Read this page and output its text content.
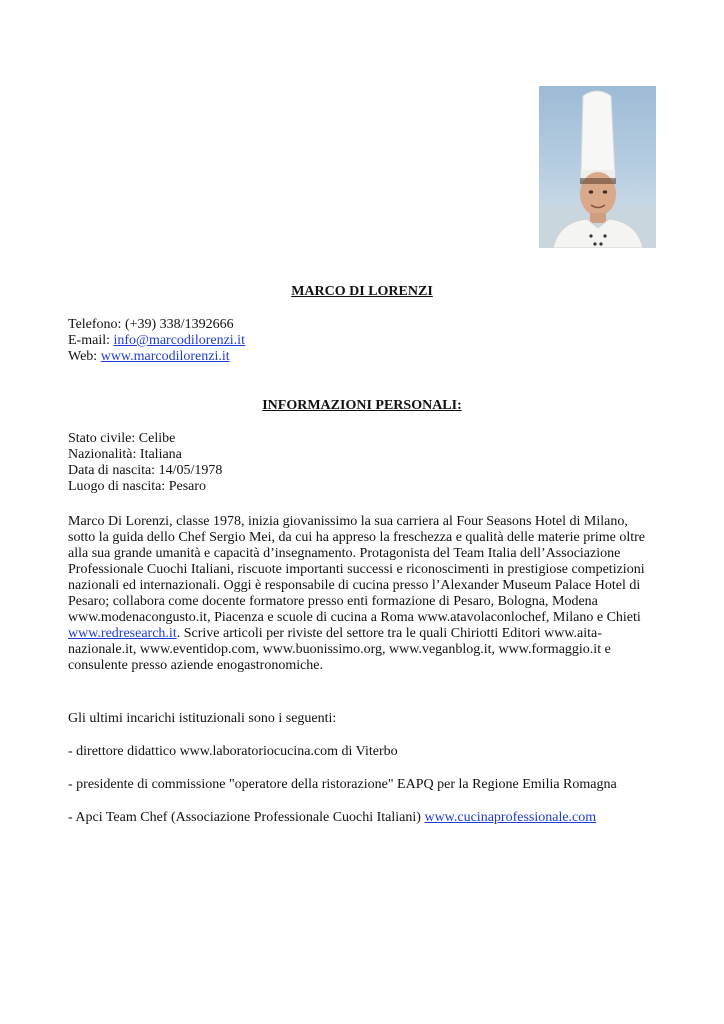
MARCO DI LORENZI
Telefono: (+39) 338/1392666
E-mail: info@marcodilorenzi.it
Web: www.marcodilorenzi.it
INFORMAZIONI PERSONALI:
Stato civile: Celibe
Nazionalità: Italiana
Data di nascita: 14/05/1978
Luogo di nascita: Pesaro
Marco Di Lorenzi, classe 1978, inizia giovanissimo la sua carriera al Four Seasons Hotel di Milano,
sotto la guida dello Chef Sergio Mei, da cui ha appreso la freschezza e qualità delle materie prime oltre
alla sua grande umanità e capacità d’insegnamento. Protagonista del Team Italia dell’Associazione
Professionale Cuochi Italiani, riscuote importanti successi e riconoscimenti in prestigiose competizioni
nazionali ed internazionali. Oggi è responsabile di cucina presso l’Alexander Museum Palace Hotel di
Pesaro; collabora come docente formatore presso enti formazione di Pesaro, Bologna, Modena
www.modenacongusto.it, Piacenza e scuole di cucina a Roma www.atavolaconlochef, Milano e Chieti
www.redresearch.it. Scrive articoli per riviste del settore tra le quali Chiriotti Editori www.aita-
nazionale.it, www.eventidop.com, www.buonissimo.org, www.veganblog.it, www.formaggio.it e
consulente presso aziende enogastronomiche.
Gli ultimi incarichi istituzionali sono i seguenti:
- direttore didattico www.laboratoriocucina.com di Viterbo
- presidente di commissione "operatore della ristorazione" EAPQ per la Regione Emilia Romagna
- Apci Team Chef (Associazione Professionale Cuochi Italiani) www.cucinaprofessionale.com
